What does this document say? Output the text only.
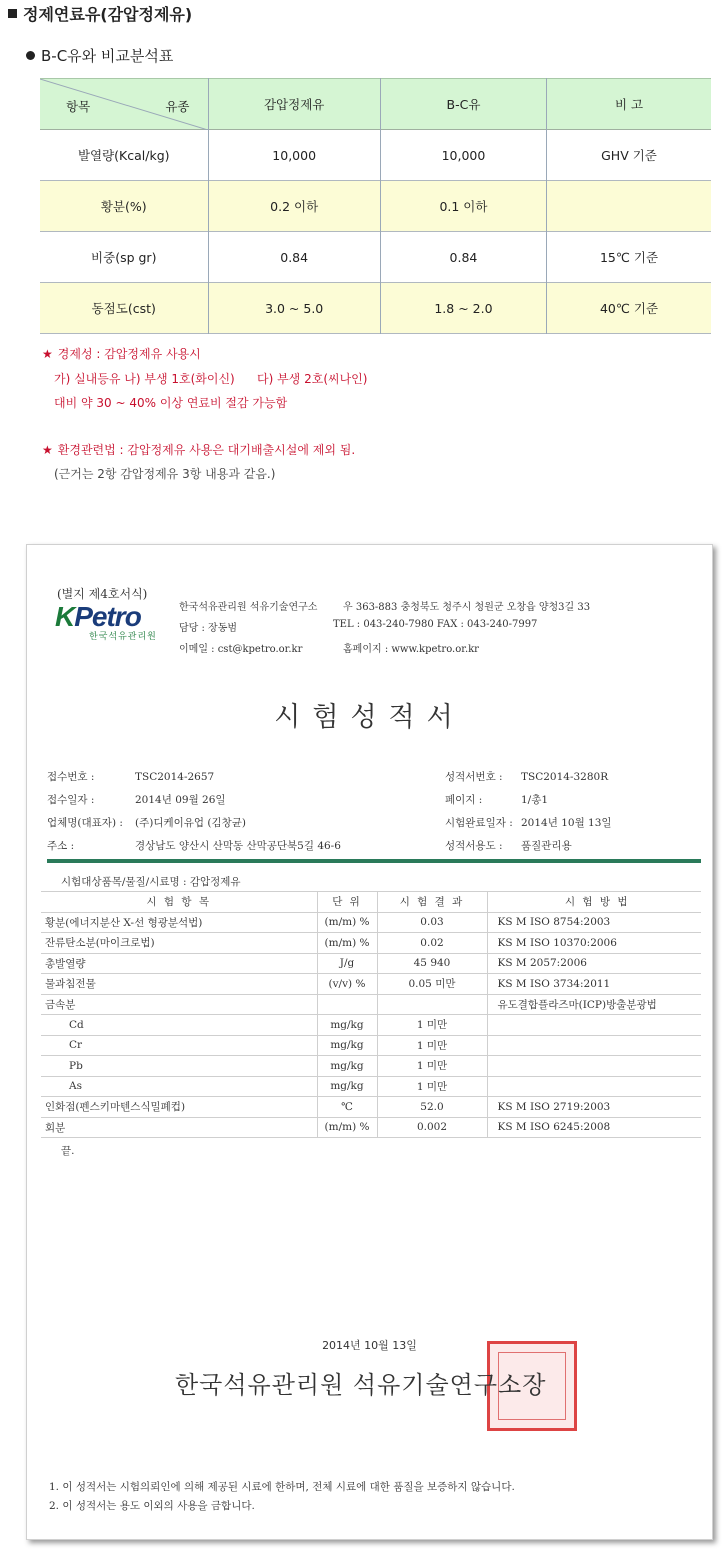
정제연료유(감압정제유)
B-C유와 비교분석표
항목 유종	감압정제유	B-C유	비 고
발열량(Kcal/kg)	10,000	10,000	GHV 기준
황분(%)	0.2 이하	0.1 이하	
비중(sp gr)	0.84	0.84	15℃ 기준
동점도(cst)	3.0 ~ 5.0	1.8 ~ 2.0	40℃ 기준
★ 경제성 : 감압정제유 사용시
가) 실내등유 나) 부생 1호(화이신) 다) 부생 2호(씨나인)
대비 약 30 ~ 40% 이상 연료비 절감 가능함
★ 환경관련법 : 감압정제유 사용은 대기배출시설에 제외 됨.
(근거는 2항 감압정제유 3항 내용과 같음.)
(별지 제4호서식)
KPetro
한국석유관리원
한국석유관리원 석유기술연구소	우 363-883 충청북도 청주시 청원군 오창읍 양청3길 33
담당 : 장동범	TEL : 043-240-7980 FAX : 043-240-7997
이메일 : cst@kpetro.or.kr	홈페이지 : www.kpetro.or.kr
시험성적서
접수번호 :	TSC2014-2657
접수일자 :	2014년 09월 26일
업체명(대표자) : (주)디케이유업 (김창균)
주소 :	경상남도 양산시 산막동 산막공단북5길 46-6
성적서번호 : TSC2014-3280R
페이지 :	1/총1
시험완료일자 : 2014년 10월 13일
성적서용도 : 품질관리용
시험대상품목/물질/시료명 : 감압정제유
시 험 항 목	단 위	시 험 결 과	시 험 방 법
황분(에너지분산 X-선 형광분석법)	(m/m) %	0.03	KS M ISO 8754:2003
잔류탄소분(마이크로법)	(m/m) %	0.02	KS M ISO 10370:2006
총발열량	J/g	45 940	KS M 2057:2006
물과침전물	(v/v) %	0.05 미만	KS M ISO 3734:2011
금속분			유도결합플라즈마(ICP)방출분광법
Cd	mg/kg	1 미만	
Cr	mg/kg	1 미만	
Pb	mg/kg	1 미만	
As	mg/kg	1 미만	
인화점(펜스키마텐스식밀폐컵)	℃	52.0	KS M ISO 2719:2003
회분	(m/m) %	0.002	KS M ISO 6245:2008
끝.
2014년 10월 13일
한국석유관리원 석유기술연구소장
1. 이 성적서는 시험의뢰인에 의해 제공된 시료에 한하며, 전체 시료에 대한 품질을 보증하지 않습니다.
2. 이 성적서는 용도 이외의 사용을 금합니다.
